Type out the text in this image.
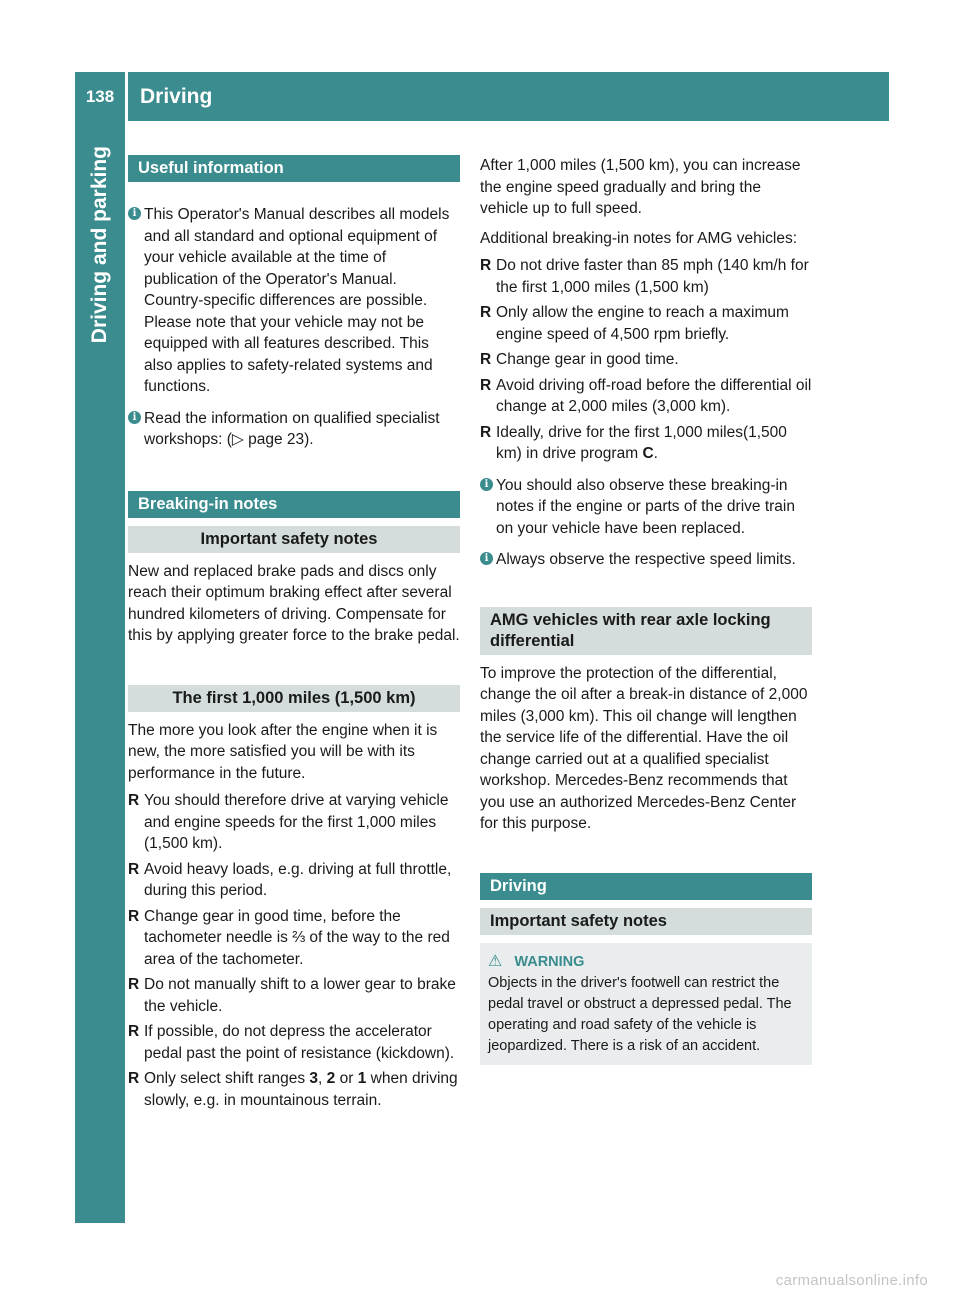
138	Driving
Driving and parking	Useful information
i This Operator's Manual describes all models and all standard and optional equipment of your vehicle available at the time of publication of the Operator's Manual. Country-specific differences are possible. Please note that your vehicle may not be equipped with all features described. This also applies to safety-related systems and functions.

i Read the information on qualified specialist workshops: (▷ page 23).

Breaking-in notes
Important safety notes

New and replaced brake pads and discs only reach their optimum braking effect after several hundred kilometers of driving. Compensate for this by applying greater force to the brake pedal.

The first 1,000 miles (1,500 km)

The more you look after the engine when it is new, the more satisfied you will be with its performance in the future.

R You should therefore drive at varying vehicle and engine speeds for the first 1,000 miles (1,500 km).
R Avoid heavy loads, e.g. driving at full throttle, during this period.
R Change gear in good time, before the tachometer needle is ⅔ of the way to the red area of the tachometer.
R Do not manually shift to a lower gear to brake the vehicle.
R If possible, do not depress the accelerator pedal past the point of resistance (kickdown).
R Only select shift ranges 3, 2 or 1 when driving slowly, e.g. in mountainous terrain.

After 1,000 miles (1,500 km), you can increase the engine speed gradually and bring the vehicle up to full speed.

Additional breaking-in notes for AMG vehicles:

R Do not drive faster than 85 mph (140 km/h for the first 1,000 miles (1,500 km)
R Only allow the engine to reach a maximum engine speed of 4,500 rpm briefly.
R Change gear in good time.
R Avoid driving off-road before the differential oil change at 2,000 miles (3,000 km).
R Ideally, drive for the first 1,000 miles(1,500 km) in drive program C.
i You should also observe these breaking-in notes if the engine or parts of the drive train on your vehicle have been replaced.

i Always observe the respective speed limits.

AMG vehicles with rear axle locking differential

To improve the protection of the differential, change the oil after a break-in distance of 2,000 miles (3,000 km). This oil change will lengthen the service life of the differential. Have the oil change carried out at a qualified specialist workshop. Mercedes-Benz recommends that you use an authorized Mercedes-Benz Center for this purpose.

Driving
Important safety notes
⚠ WARNING

Objects in the driver's footwell can restrict the pedal travel or obstruct a depressed pedal. The operating and road safety of the vehicle is jeopardized. There is a risk of an accident.

carmanualsonline.info
